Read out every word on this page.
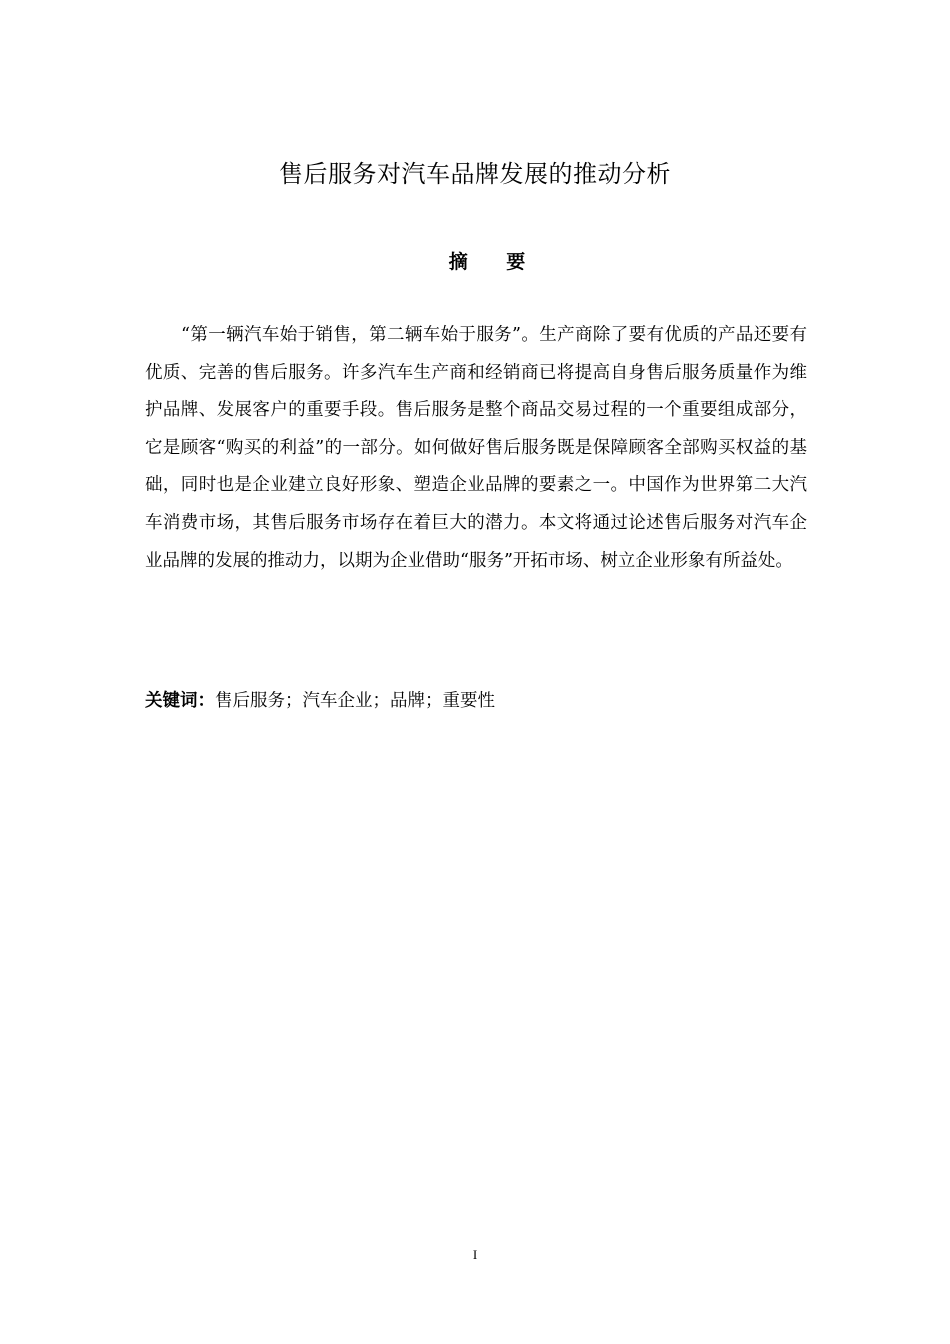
售后服务对汽车品牌发展的推动分析
摘 要
“第一辆汽车始于销售，第二辆车始于服务”。生产商除了要有优质的产品还要有优质、完善的售后服务。许多汽车生产商和经销商已将提高自身售后服务质量作为维护品牌、发展客户的重要手段。售后服务是整个商品交易过程的一个重要组成部分，它是顾客“购买的利益”的一部分。如何做好售后服务既是保障顾客全部购买权益的基础，同时也是企业建立良好形象、塑造企业品牌的要素之一。中国作为世界第二大汽车消费市场，其售后服务市场存在着巨大的潜力。本文将通过论述售后服务对汽车企业品牌的发展的推动力，以期为企业借助“服务”开拓市场、树立企业形象有所益处。
关键词：售后服务；汽车企业；品牌；重要性
I
